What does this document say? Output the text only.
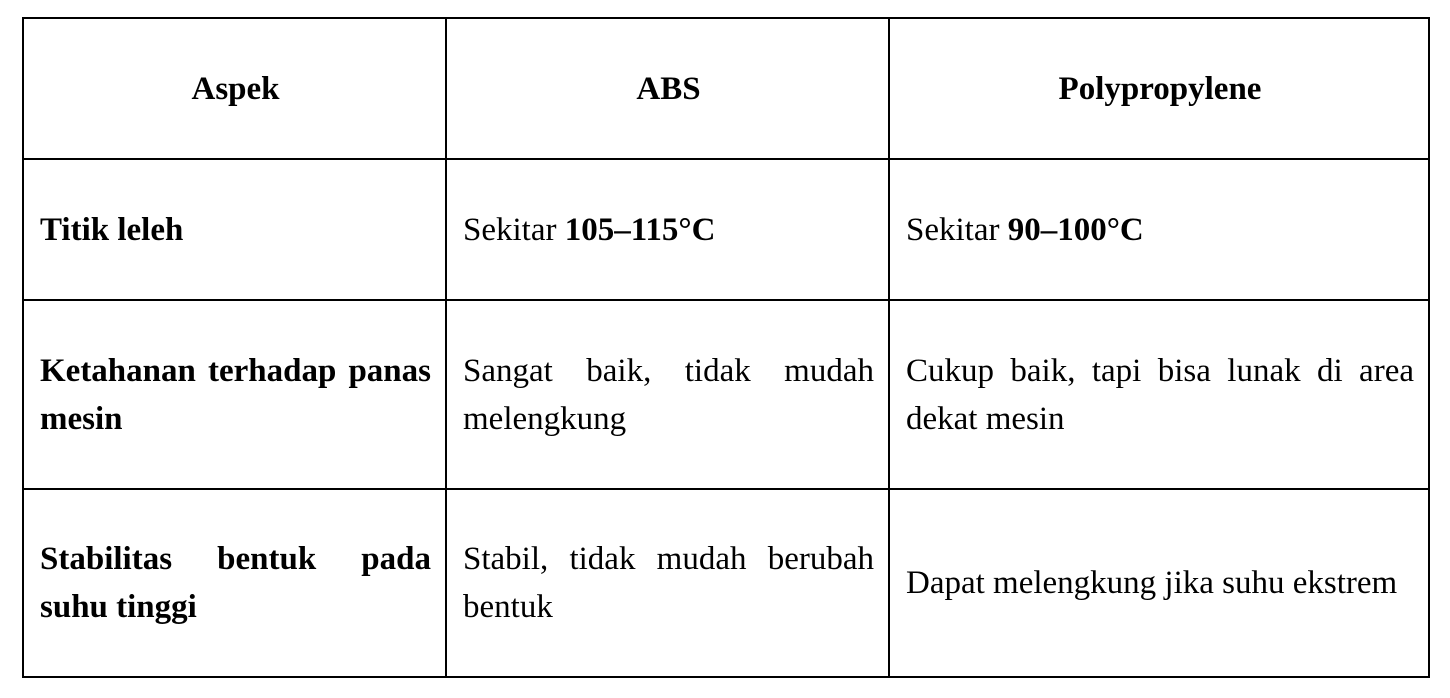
Aspek	ABS	Polypropylene
Titik leleh	Sekitar 105–115°C	Sekitar 90–100°C
Ketahanan terhadap panas mesin	Sangat baik, tidak mudah melengkung	Cukup baik, tapi bisa lunak di area dekat mesin
Stabilitas bentuk pada suhu tinggi	Stabil, tidak mudah berubah bentuk	Dapat melengkung jika suhu ekstrem
